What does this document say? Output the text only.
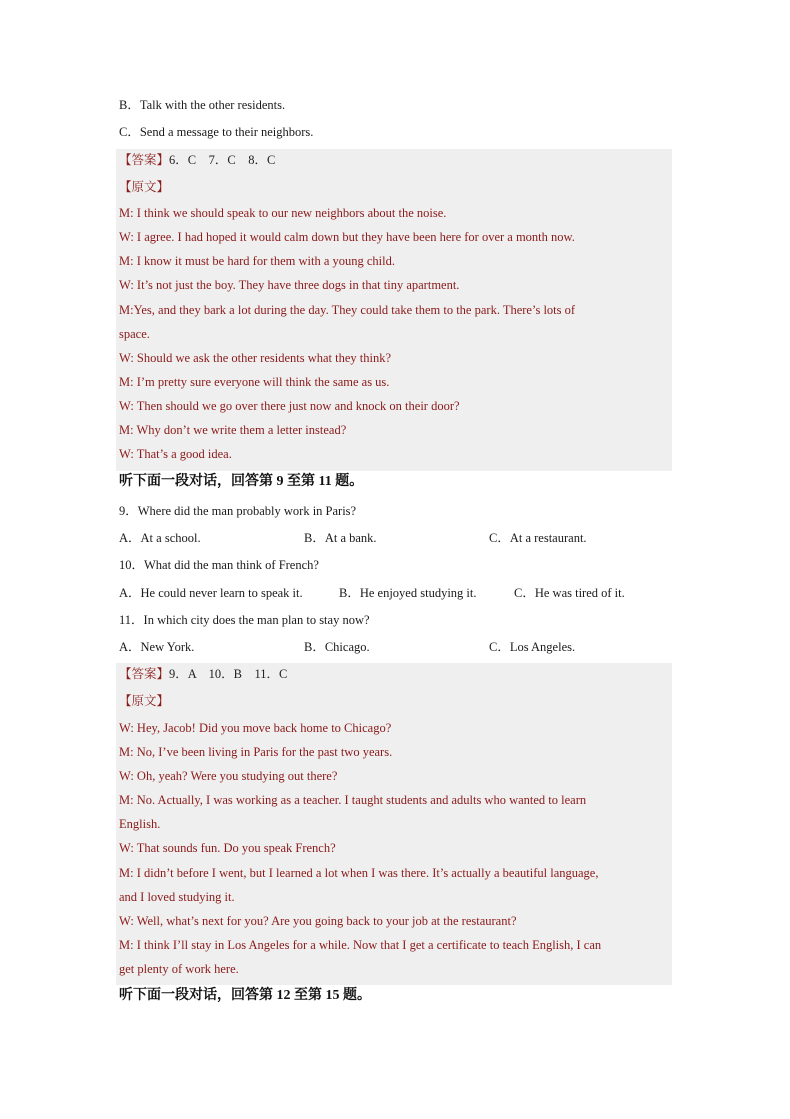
B．Talk with the other residents.
C．Send a message to their neighbors.
【答案】6．C　7．C　8．C
【原文】
M: I think we should speak to our new neighbors about the noise.
W: I agree. I had hoped it would calm down but they have been here for over a month now.
M: I know it must be hard for them with a young child.
W: It’s not just the boy. They have three dogs in that tiny apartment.
M:Yes, and they bark a lot during the day. They could take them to the park. There’s lots of
space.
W: Should we ask the other residents what they think?
M: I’m pretty sure everyone will think the same as us.
W: Then should we go over there just now and knock on their door?
M: Why don’t we write them a letter instead?
W: That’s a good idea.
听下面一段对话，回答第 9 至第 11 题。
9．Where did the man probably work in Paris?
A．At a school.	B．At a bank.	C．At a restaurant.
10．What did the man think of French?
A．He could never learn to speak it.	B．He enjoyed studying it.	C．He was tired of it.
11．In which city does the man plan to stay now?
A．New York.	B．Chicago.	C．Los Angeles.
【答案】9．A　10．B　11．C
【原文】
W: Hey, Jacob! Did you move back home to Chicago?
M: No, I’ve been living in Paris for the past two years.
W: Oh, yeah? Were you studying out there?
M: No. Actually, I was working as a teacher. I taught students and adults who wanted to learn
English.
W: That sounds fun. Do you speak French?
M: I didn’t before I went, but I learned a lot when I was there. It’s actually a beautiful language,
and I loved studying it.
W: Well, what’s next for you? Are you going back to your job at the restaurant?
M: I think I’ll stay in Los Angeles for a while. Now that I get a certificate to teach English, I can
get plenty of work here.
听下面一段对话，回答第 12 至第 15 题。
